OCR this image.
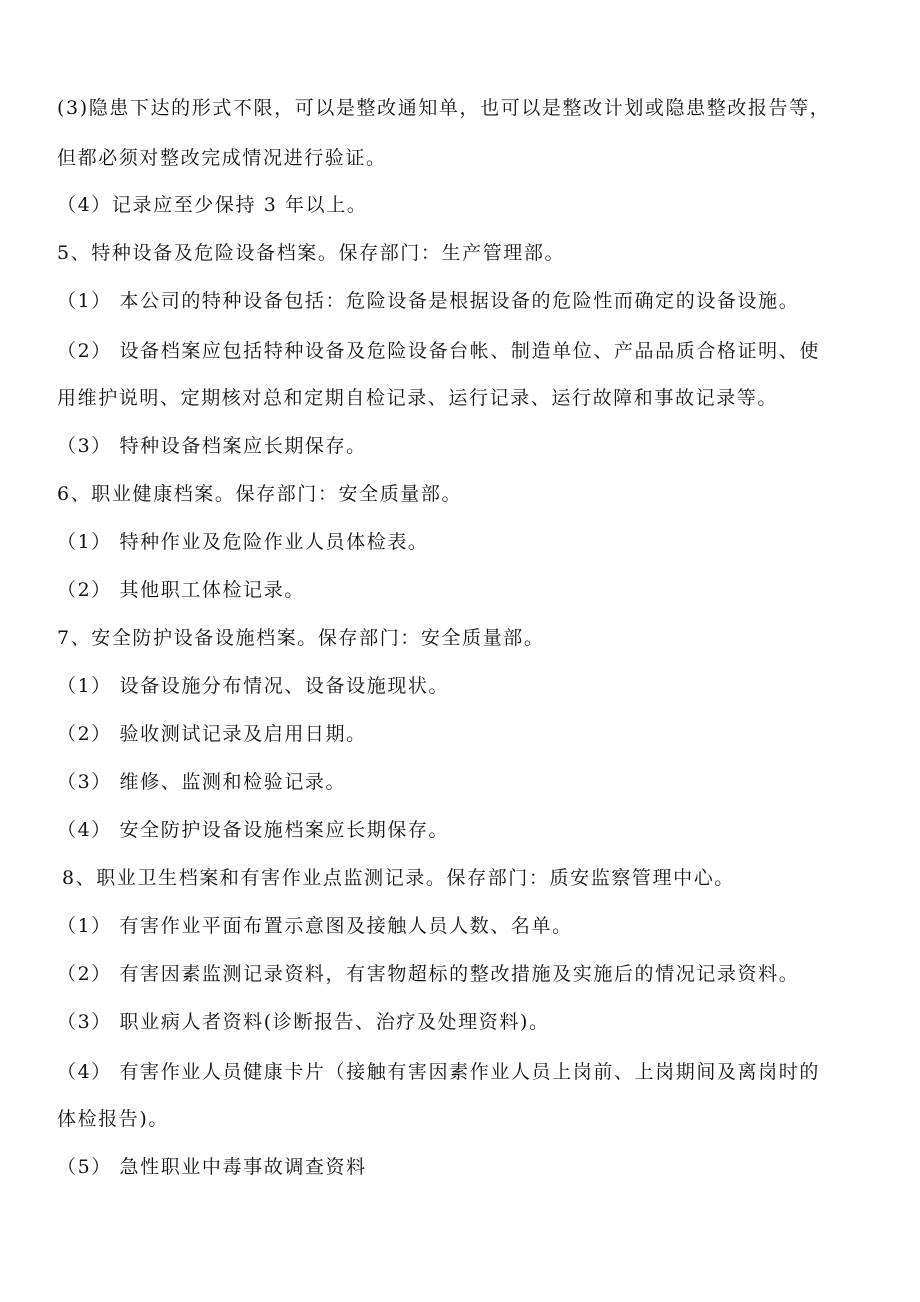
(3)隐患下达的形式不限，可以是整改通知单，也可以是整改计划或隐患整改报告等，
但都必须对整改完成情况进行验证。
（4）记录应至少保持 3 年以上。
5、特种设备及危险设备档案。保存部门：生产管理部。
（1） 本公司的特种设备包括：危险设备是根据设备的危险性而确定的设备设施。
（2） 设备档案应包括特种设备及危险设备台帐、制造单位、产品品质合格证明、使
用维护说明、定期核对总和定期自检记录、运行记录、运行故障和事故记录等。
（3） 特种设备档案应长期保存。
6、职业健康档案。保存部门：安全质量部。
（1） 特种作业及危险作业人员体检表。
（2） 其他职工体检记录。
7、安全防护设备设施档案。保存部门：安全质量部。
（1） 设备设施分布情况、设备设施现状。
（2） 验收测试记录及启用日期。
（3） 维修、监测和检验记录。
（4） 安全防护设备设施档案应长期保存。
8、职业卫生档案和有害作业点监测记录。保存部门：质安监察管理中心。
（1） 有害作业平面布置示意图及接触人员人数、名单。
（2） 有害因素监测记录资料，有害物超标的整改措施及实施后的情况记录资料。
（3） 职业病人者资料(诊断报告、治疗及处理资料)。
（4） 有害作业人员健康卡片（接触有害因素作业人员上岗前、上岗期间及离岗时的
体检报告)。
（5） 急性职业中毒事故调查资料
